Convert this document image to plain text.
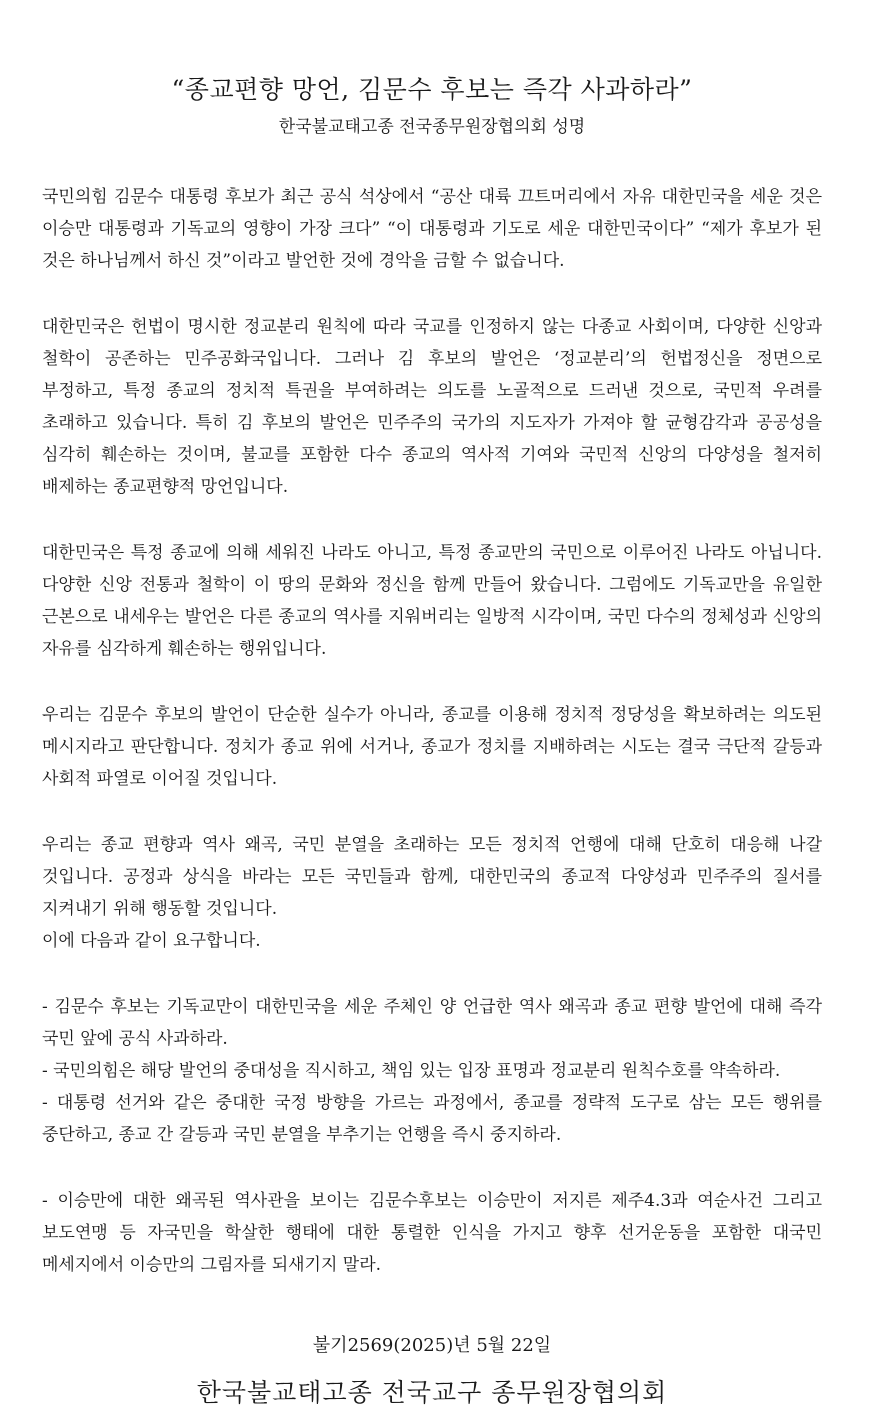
“종교편향 망언, 김문수 후보는 즉각 사과하라”
한국불교태고종 전국종무원장협의회 성명

국민의힘 김문수 대통령 후보가 최근 공식 석상에서 “공산 대륙 끄트머리에서 자유 대한민국을 세운 것은 이승만 대통령과 기독교의 영향이 가장 크다” “이 대통령과 기도로 세운 대한민국이다” “제가 후보가 된 것은 하나님께서 하신 것”이라고 발언한 것에 경악을 금할 수 없습니다.

대한민국은 헌법이 명시한 정교분리 원칙에 따라 국교를 인정하지 않는 다종교 사회이며, 다양한 신앙과 철학이 공존하는 민주공화국입니다. 그러나 김 후보의 발언은 ‘정교분리’의 헌법정신을 정면으로 부정하고, 특정 종교의 정치적 특권을 부여하려는 의도를 노골적으로 드러낸 것으로, 국민적 우려를 초래하고 있습니다. 특히 김 후보의 발언은 민주주의 국가의 지도자가 가져야 할 균형감각과 공공성을 심각히 훼손하는 것이며, 불교를 포함한 다수 종교의 역사적 기여와 국민적 신앙의 다양성을 철저히 배제하는 종교편향적 망언입니다.

대한민국은 특정 종교에 의해 세워진 나라도 아니고, 특정 종교만의 국민으로 이루어진 나라도 아닙니다. 다양한 신앙 전통과 철학이 이 땅의 문화와 정신을 함께 만들어 왔습니다. 그럼에도 기독교만을 유일한 근본으로 내세우는 발언은 다른 종교의 역사를 지워버리는 일방적 시각이며, 국민 다수의 정체성과 신앙의 자유를 심각하게 훼손하는 행위입니다.

우리는 김문수 후보의 발언이 단순한 실수가 아니라, 종교를 이용해 정치적 정당성을 확보하려는 의도된 메시지라고 판단합니다. 정치가 종교 위에 서거나, 종교가 정치를 지배하려는 시도는 결국 극단적 갈등과 사회적 파열로 이어질 것입니다.

우리는 종교 편향과 역사 왜곡, 국민 분열을 초래하는 모든 정치적 언행에 대해 단호히 대응해 나갈 것입니다. 공정과 상식을 바라는 모든 국민들과 함께, 대한민국의 종교적 다양성과 민주주의 질서를 지켜내기 위해 행동할 것입니다.
이에 다음과 같이 요구합니다.

- 김문수 후보는 기독교만이 대한민국을 세운 주체인 양 언급한 역사 왜곡과 종교 편향 발언에 대해 즉각 국민 앞에 공식 사과하라.
- 국민의힘은 해당 발언의 중대성을 직시하고, 책임 있는 입장 표명과 정교분리 원칙수호를 약속하라.
- 대통령 선거와 같은 중대한 국정 방향을 가르는 과정에서, 종교를 정략적 도구로 삼는 모든 행위를 중단하고, 종교 간 갈등과 국민 분열을 부추기는 언행을 즉시 중지하라.

- 이승만에 대한 왜곡된 역사관을 보이는 김문수후보는 이승만이 저지른 제주4.3과 여순사건 그리고 보도연맹 등 자국민을 학살한 행태에 대한 통렬한 인식을 가지고 향후 선거운동을 포함한 대국민 메세지에서 이승만의 그림자를 되새기지 말라.

불기2569(2025)년 5월 22일
한국불교태고종 전국교구 종무원장협의회
